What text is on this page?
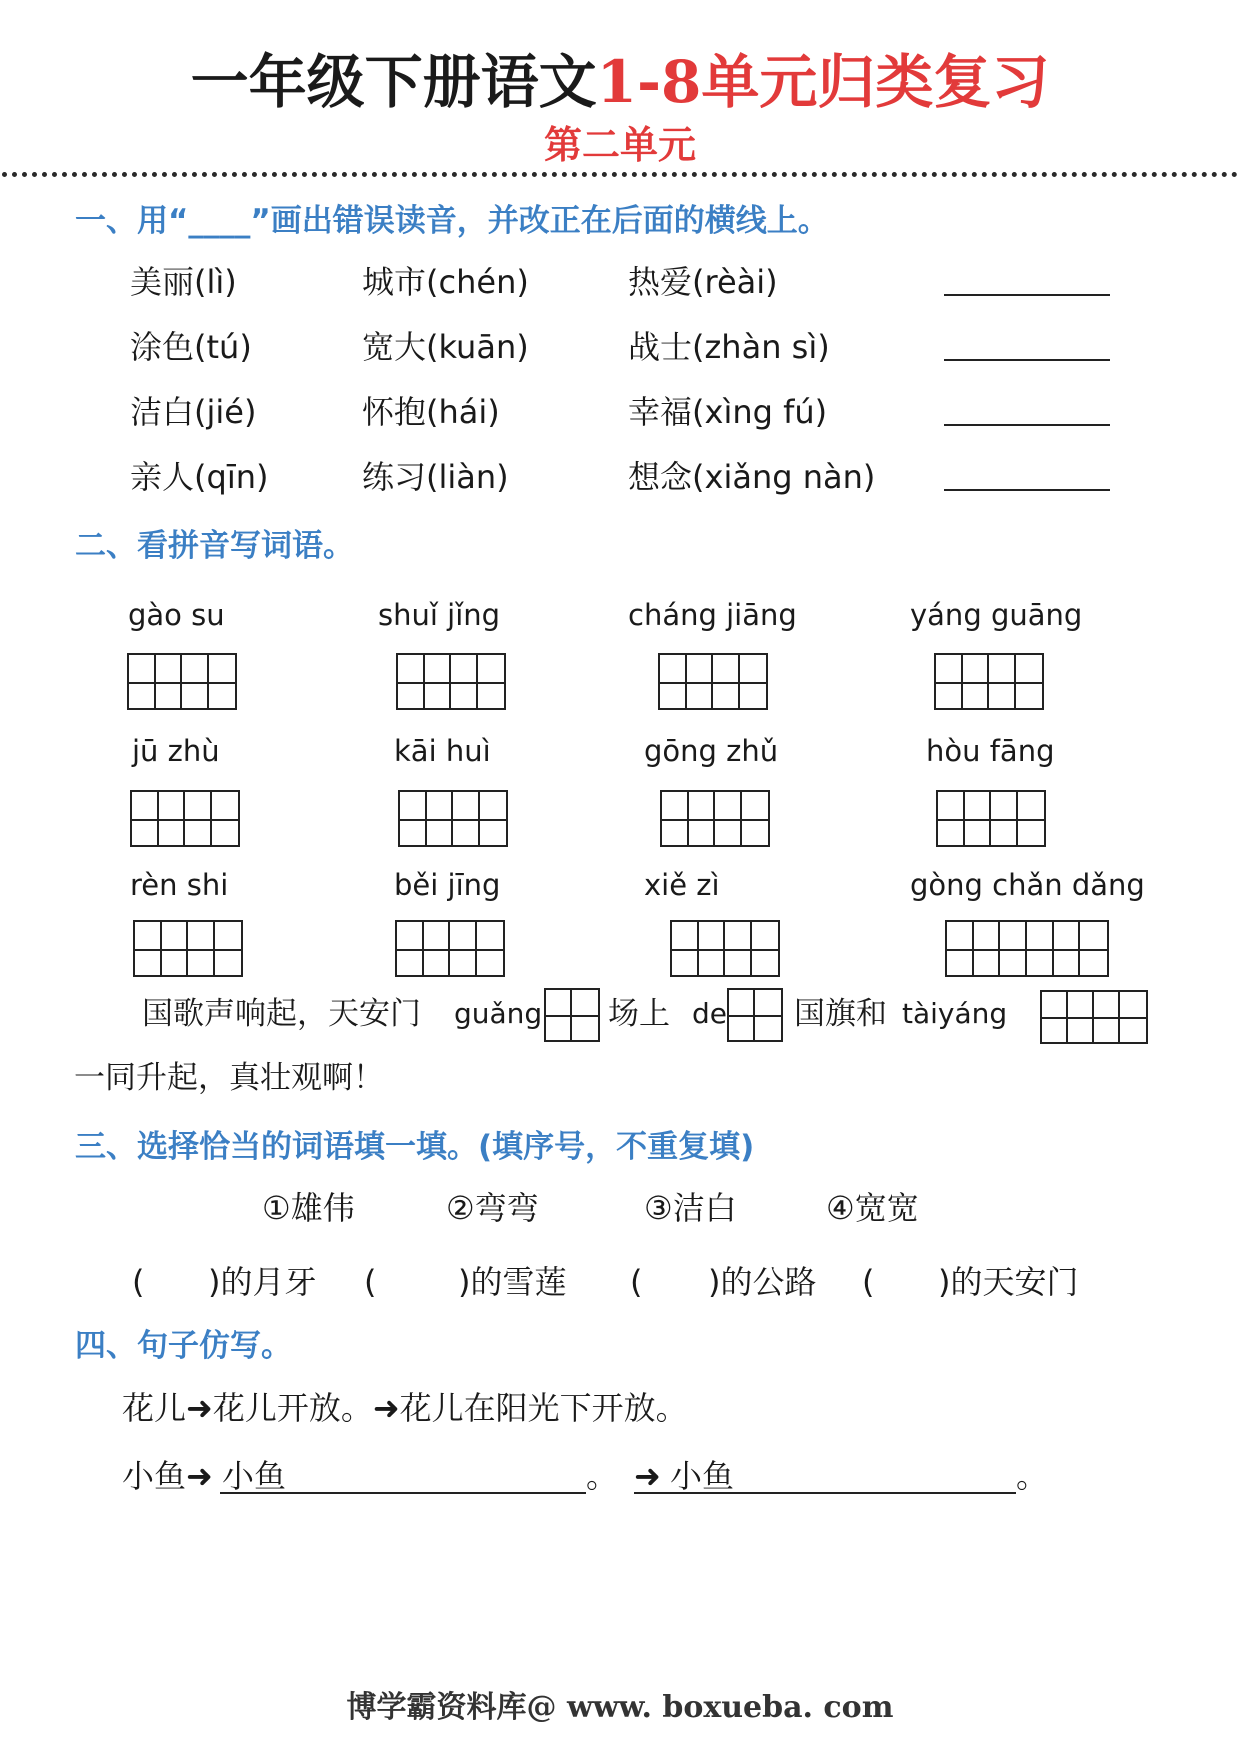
一年级下册语文1-8单元归类复习
第二单元
一、用“____”画出错误读音，并改正在后面的横线上。
美丽(lì)	城市(chén)	热爱(rèài)
涂色(tú)	宽大(kuān)	战士(zhàn sì)
洁白(jié)	怀抱(hái)	幸福(xìng fú)
亲人(qīn)	练习(liàn)	想念(xiǎng nàn)
二、看拼音写词语。
gào su	shuǐ jǐng	cháng jiāng	yáng guāng
jū zhù	kāi huì	gōng zhǔ	hòu fāng
rèn shi	běi jīng	xiě zì	gòng chǎn dǎng
国歌声响起，天安门 guǎng 场上 de 国旗和 tàiyáng
一同升起，真壮观啊！
三、选择恰当的词语填一填。(填序号，不重复填)
①雄伟	②弯弯	③洁白	④宽宽
( )的月牙 (	)的雪莲 ( )的公路 ( )的天安门
四、句子仿写。
花儿➜花儿开放。➜花儿在阳光下开放。
小鱼➜ 小鱼	。 ➜ 小鱼	。
博学霸资料库@ www. boxueba. com
